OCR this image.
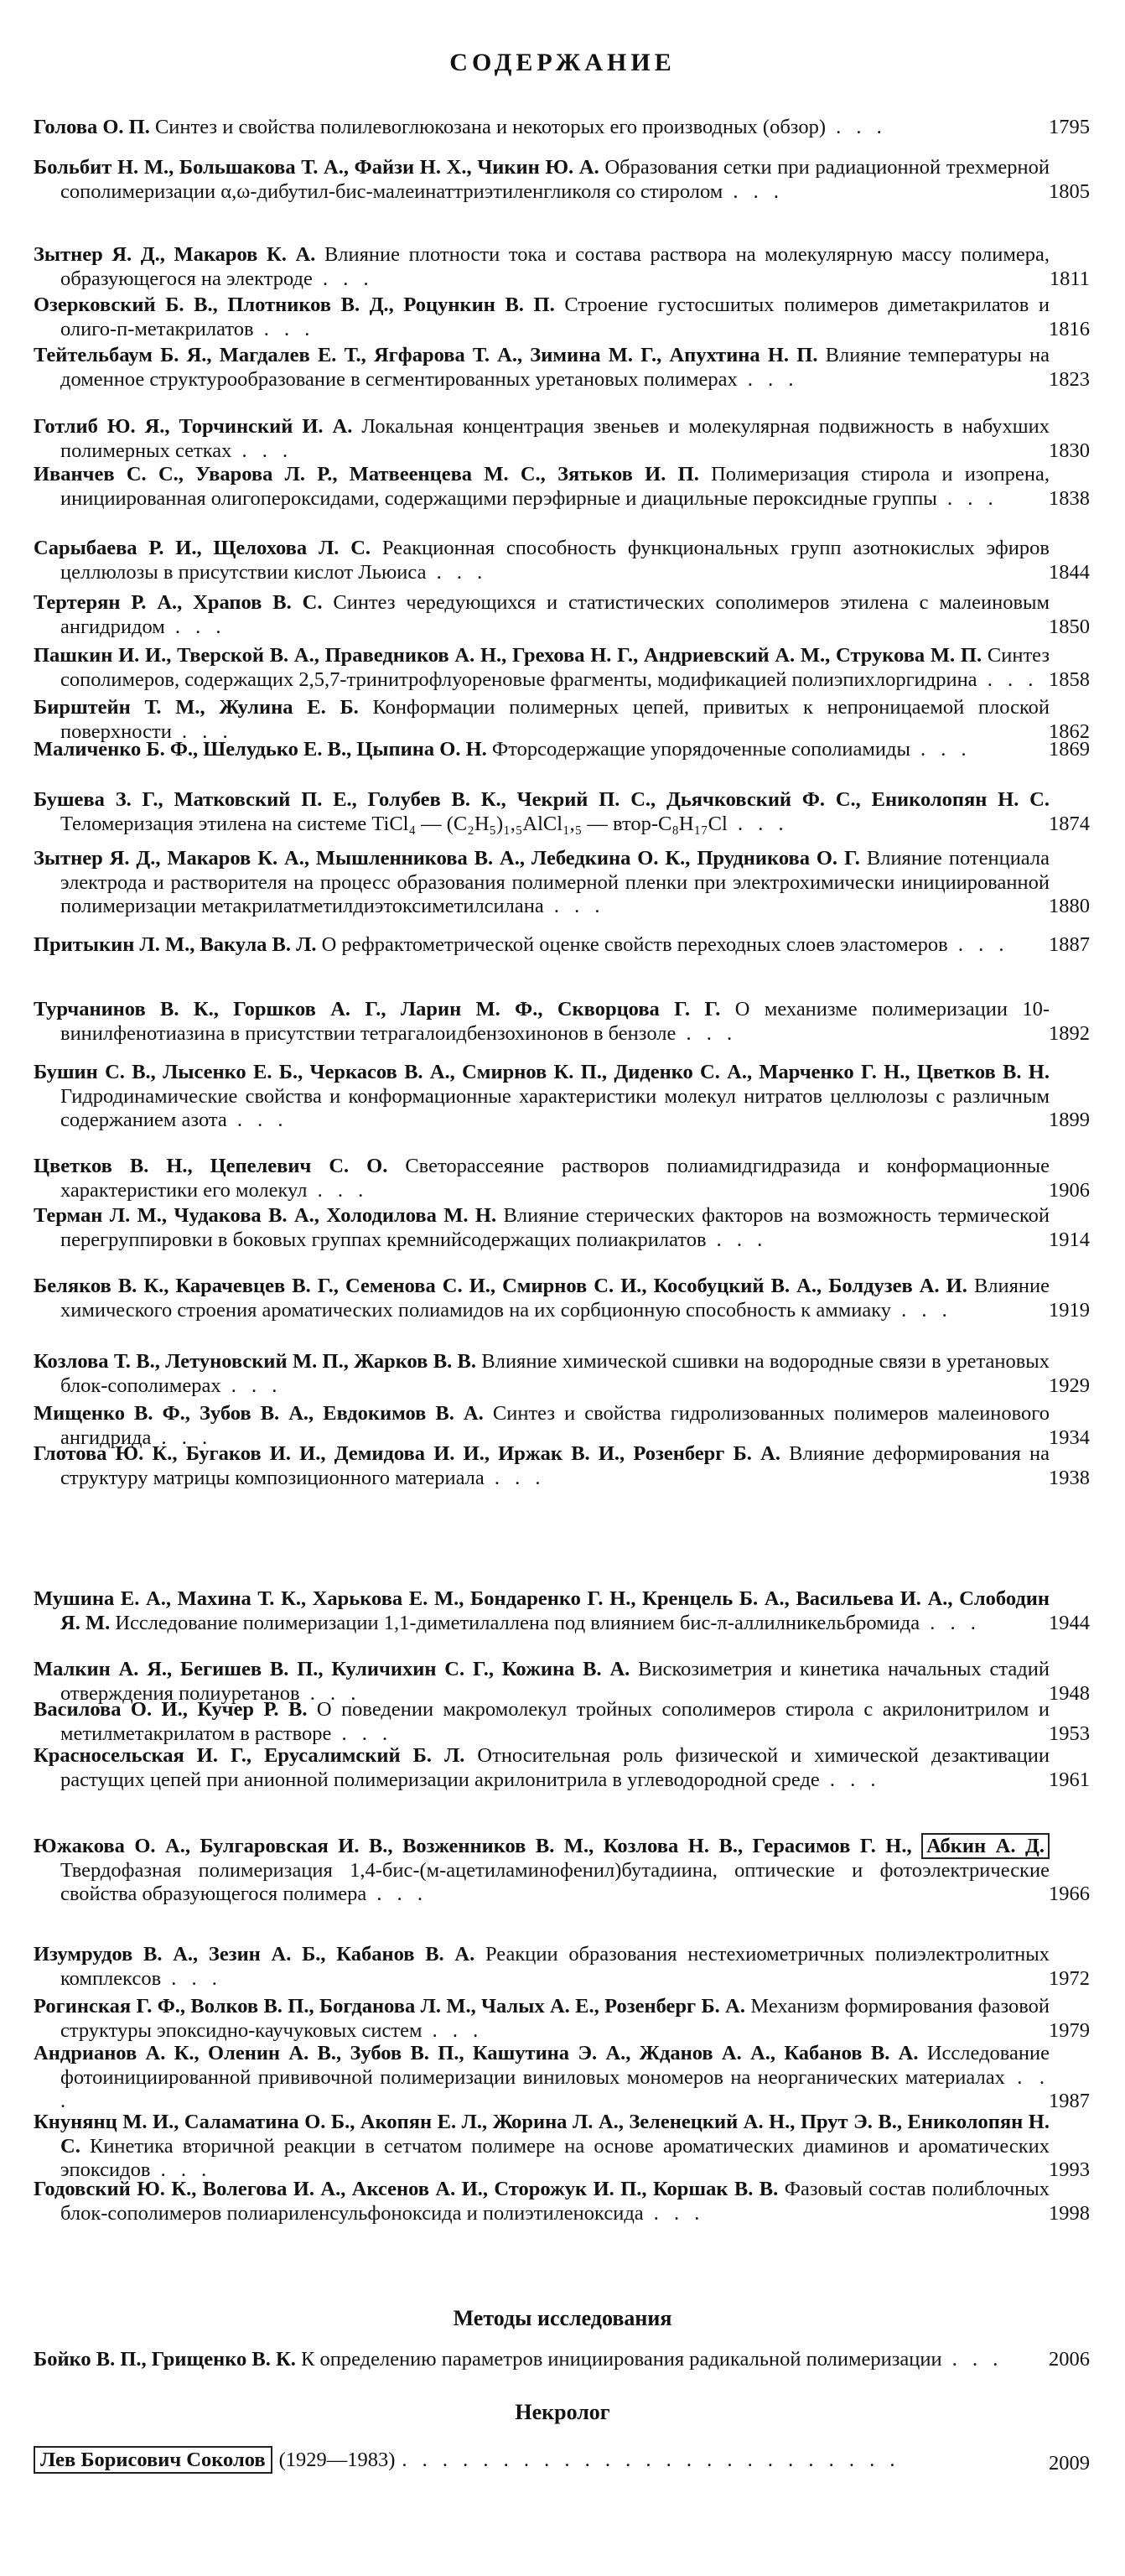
СОДЕРЖАНИЕ
Голова О. П. Синтез и свойства полилевоглюкозана и некоторых его производных (обзор) . . .	1795
Больбит Н. М., Большакова Т. А., Файзи Н. Х., Чикин Ю. А. Образования сетки при радиационной трехмерной сополимеризации α,ω-дибутил-бис-малеинаттриэтиленгликоля со стиролом . . .	1805
Зытнер Я. Д., Макаров К. А. Влияние плотности тока и состава раствора на молекулярную массу полимера, образующегося на электроде . . .	1811
Озерковский Б. В., Плотников В. Д., Роцункин В. П. Строение густосшитых полимеров диметакрилатов и олиго-п-метакрилатов . . .	1816
Тейтельбаум Б. Я., Магдалев Е. Т., Ягфарова Т. А., Зимина М. Г., Апухтина Н. П. Влияние температуры на доменное структурообразование в сегментированных уретановых полимерах . . .	1823
Готлиб Ю. Я., Торчинский И. А. Локальная концентрация звеньев и молекулярная подвижность в набухших полимерных сетках . . .	1830
Иванчев С. С., Уварова Л. Р., Матвеенцева М. С., Зятьков И. П. Полимеризация стирола и изопрена, инициированная олигопероксидами, содержащими перэфирные и диацильные пероксидные группы . . .	1838
Сарыбаева Р. И., Щелохова Л. С. Реакционная способность функциональных групп азотнокислых эфиров целлюлозы в присутствии кислот Льюиса . . .	1844
Тертерян Р. А., Храпов В. С. Синтез чередующихся и статистических сополимеров этилена с малеиновым ангидридом . . .	1850
Пашкин И. И., Тверской В. А., Праведников А. Н., Грехова Н. Г., Андриевский А. М., Струкова М. П. Синтез сополимеров, содержащих 2,5,7-тринитрофлуореновые фрагменты, модификацией полиэпихлоргидрина . . . 1858
Бирштейн Т. М., Жулина Е. Б. Конформации полимерных цепей, привитых к непроницаемой плоской поверхности . . .	1862
Маличенко Б. Ф., Шелудько Е. В., Цыпина О. Н. Фторсодержащие упорядоченные сополиамиды . . .	1869
Бушева З. Г., Матковский П. Е., Голубев В. К., Чекрий П. С., Дьячковский Ф. С., Ениколопян Н. С. Теломеризация этилена на системе TiCl₄ — (C₂H₅)₁,₅AlCl₁,₅ — втор-C₈H₁₇Cl . . .	1874
Зытнер Я. Д., Макаров К. А., Мышленникова В. А., Лебедкина О. К., Прудникова О. Г. Влияние потенциала электрода и растворителя на процесс образования полимерной пленки при электрохимически инициированной полимеризации метакрилатметилдиэтоксиметилсилана . . .	1880
Притыкин Л. М., Вакула В. Л. О рефрактометрической оценке свойств переходных слоев эластомеров . . .	1887
Турчанинов В. К., Горшков А. Г., Ларин М. Ф., Скворцова Г. Г. О механизме полимеризации 10-винилфенотиазина в присутствии тетрагалоидбензохинонов в бензоле . . .	1892
Бушин С. В., Лысенко Е. Б., Черкасов В. А., Смирнов К. П., Диденко С. А., Марченко Г. Н., Цветков В. Н. Гидродинамические свойства и конформационные характеристики молекул нитратов целлюлозы с различным содержанием азота . . .	1899
Цветков В. Н., Цепелевич С. О. Светорассеяние растворов полиамидгидразида и конформационные характеристики его молекул . . .	1906
Терман Л. М., Чудакова В. А., Холодилова М. Н. Влияние стерических факторов на возможность термической перегруппировки в боковых группах кремнийсодержащих полиакрилатов . . .	1914
Беляков В. К., Карачевцев В. Г., Семенова С. И., Смирнов С. И., Кособуцкий В. А., Болдузев А. И. Влияние химического строения ароматических полиамидов на их сорбционную способность к аммиаку . . .	1919
Козлова Т. В., Летуновский М. П., Жарков В. В. Влияние химической сшивки на водородные связи в уретановых блок-сополимерах . . .	1929
Мищенко В. Ф., Зубов В. А., Евдокимов В. А. Синтез и свойства гидролизованных полимеров малеинового ангидрида . . .	1934
Глотова Ю. К., Бугаков И. И., Демидова И. И., Иржак В. И., Розенберг Б. А. Влияние деформирования на структуру матрицы композиционного материала . . .	1938
Мушина Е. А., Махина Т. К., Харькова Е. М., Бондаренко Г. Н., Кренцель Б. А., Васильева И. А., Слободин Я. М. Исследование полимеризации 1,1-диметилаллена под влиянием бис-π-аллилникельбромида . . .	1944
Малкин А. Я., Бегишев В. П., Куличихин С. Г., Кожина В. А. Вискозиметрия и кинетика начальных стадий отверждения полиуретанов . . .	1948
Василова О. И., Кучер Р. В. О поведении макромолекул тройных сополимеров стирола с акрилонитрилом и метилметакрилатом в растворе . . .	1953
Красносельская И. Г., Ерусалимский Б. Л. Относительная роль физической и химической дезактивации растущих цепей при анионной полимеризации акрилонитрила в углеводородной среде . . .	1961
Южакова О. А., Булгаровская И. В., Возженников В. М., Козлова Н. В., Герасимов Г. Н., Абкин А. Д. Твердофазная полимеризация 1,4-бис-(м-ацетиламинофенил)бутадиина, оптические и фотоэлектрические свойства образующегося полимера . . .	1966
Изумрудов В. А., Зезин А. Б., Кабанов В. А. Реакции образования нестехиометричных полиэлектролитных комплексов . . .	1972
Рогинская Г. Ф., Волков В. П., Богданова Л. М., Чалых А. Е., Розенберг Б. А. Механизм формирования фазовой структуры эпоксидно-каучуковых систем . . .	1979
Андрианов А. К., Оленин А. В., Зубов В. П., Кашутина Э. А., Жданов А. А., Кабанов В. А. Исследование фотоинициированной прививочной полимеризации виниловых мономеров на неорганических материалах . . .	1987
Кнунянц М. И., Саламатина О. Б., Акопян Е. Л., Жорина Л. А., Зеленецкий А. Н., Прут Э. В., Ениколопян Н. С. Кинетика вторичной реакции в сетчатом полимере на основе ароматических диаминов и ароматических эпоксидов . . .	1993
Годовский Ю. К., Волегова И. А., Аксенов А. И., Сторожук И. П., Коршак В. В. Фазовый состав полиблочных блок-сополимеров полиариленсульфоноксида и полиэтиленоксида . . .	1998
Бойко В. П., Грищенко В. К. К определению параметров инициирования радикальной полимеризации . . .	2006
Методы исследования
Некролог
Лев Борисович Соколов (1929—1983) . . . . . . . . . . . . . . . . . . . . . . . . .	2009
